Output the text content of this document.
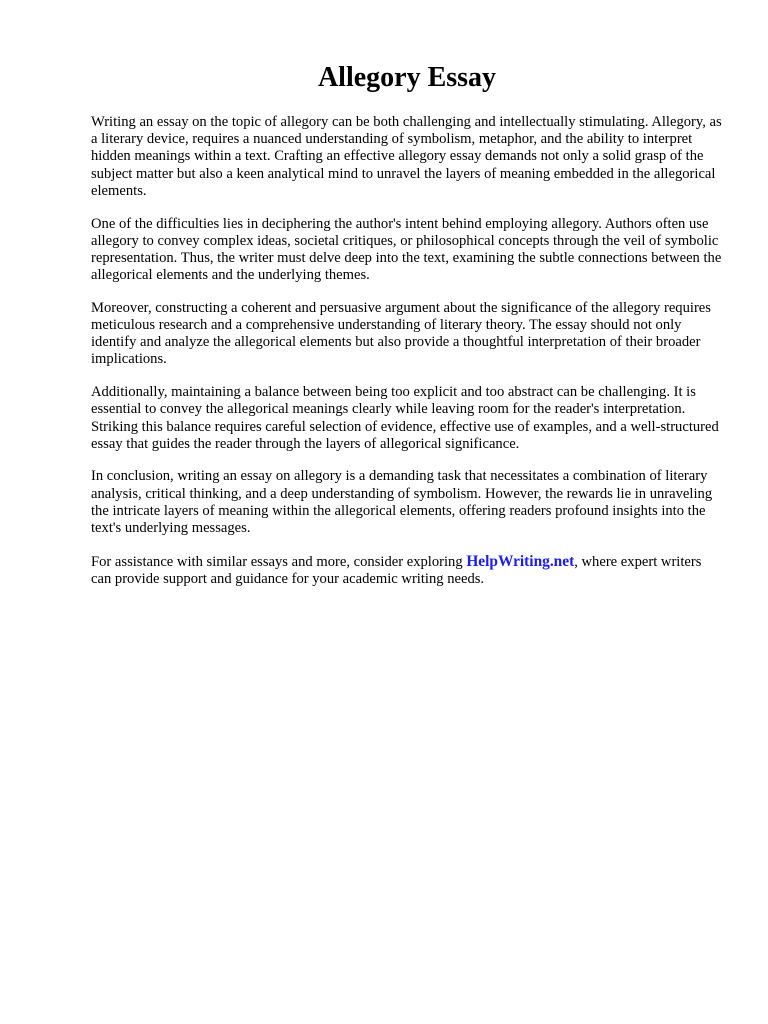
Allegory Essay

Writing an essay on the topic of allegory can be both challenging and intellectually stimulating. Allegory, as a literary device, requires a nuanced understanding of symbolism, metaphor, and the ability to interpret hidden meanings within a text. Crafting an effective allegory essay demands not only a solid grasp of the subject matter but also a keen analytical mind to unravel the layers of meaning embedded in the allegorical elements.

One of the difficulties lies in deciphering the author's intent behind employing allegory. Authors often use allegory to convey complex ideas, societal critiques, or philosophical concepts through the veil of symbolic representation. Thus, the writer must delve deep into the text, examining the subtle connections between the allegorical elements and the underlying themes.

Moreover, constructing a coherent and persuasive argument about the significance of the allegory requires meticulous research and a comprehensive understanding of literary theory. The essay should not only identify and analyze the allegorical elements but also provide a thoughtful interpretation of their broader implications.

Additionally, maintaining a balance between being too explicit and too abstract can be challenging. It is essential to convey the allegorical meanings clearly while leaving room for the reader's interpretation. Striking this balance requires careful selection of evidence, effective use of examples, and a well-structured essay that guides the reader through the layers of allegorical significance.

In conclusion, writing an essay on allegory is a demanding task that necessitates a combination of literary analysis, critical thinking, and a deep understanding of symbolism. However, the rewards lie in unraveling the intricate layers of meaning within the allegorical elements, offering readers profound insights into the text's underlying messages.

For assistance with similar essays and more, consider exploring HelpWriting.net, where expert writers can provide support and guidance for your academic writing needs.
